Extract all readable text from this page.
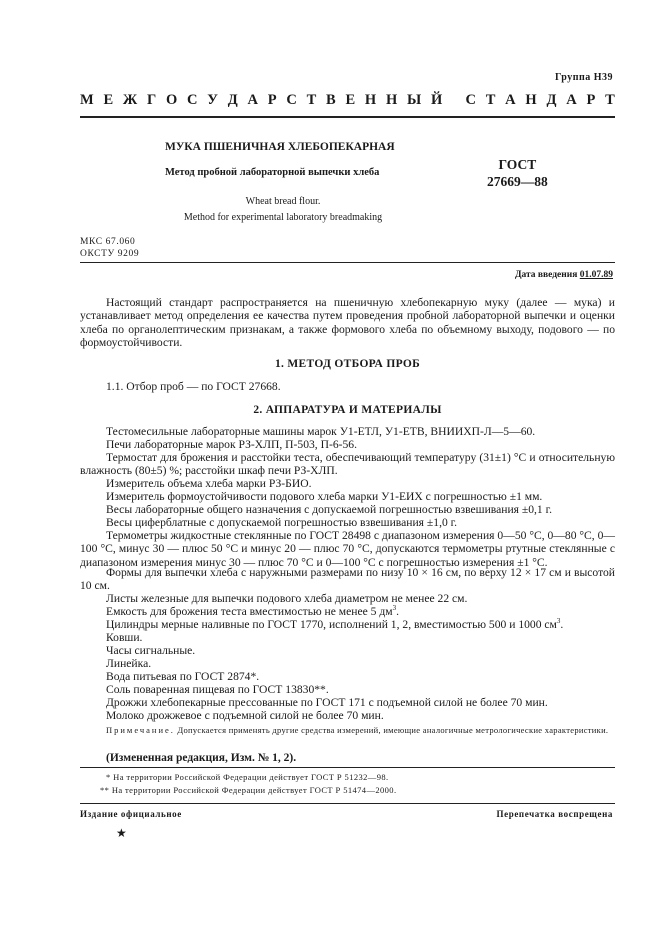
Группа Н39
М Е Ж Г О С У Д А Р С Т В Е Н Н Ы Й
С Т А Н Д А Р Т
МУКА ПШЕНИЧНАЯ ХЛЕБОПЕКАРНАЯ
Метод пробной лабораторной выпечки хлеба
ГОСТ
27669—88
Wheat bread flour.
Method for experimental laboratory breadmaking
МКС 67.060
ОКСТУ 9209
Дата введения 01.07.89
Настоящий стандарт распространяется на пшеничную хлебопекарную муку (далее — мука) и устанавливает метод определения ее качества путем проведения пробной лабораторной выпечки и оценки хлеба по органолептическим признакам, а также формового хлеба по объемному выходу, подового — по формоустойчивости.
1. МЕТОД ОТБОРА ПРОБ
1.1. Отбор проб — по ГОСТ 27668.
2. АППАРАТУРА И МАТЕРИАЛЫ
Тестомесильные лабораторные машины марок У1-ЕТЛ, У1-ЕТВ, ВНИИХП-Л—5—60.
Печи лабораторные марок РЗ-ХЛП, П-503, П-6-56.
Термостат для брожения и расстойки теста, обеспечивающий температуру (31±1) °С и относительную влажность (80±5) %; расстойки шкаф печи РЗ-ХЛП.
Измеритель объема хлеба марки РЗ-БИО.
Измеритель формоустойчивости подового хлеба марки У1-ЕИХ с погрешностью ±1 мм.
Весы лабораторные общего назначения с допускаемой погрешностью взвешивания ±0,1 г.
Весы циферблатные с допускаемой погрешностью взвешивания ±1,0 г.
Термометры жидкостные стеклянные по ГОСТ 28498 с диапазоном измерения 0—50 °С, 0—80 °С, 0—100 °С, минус 30 — плюс 50 °С и минус 20 — плюс 70 °С, допускаются термометры ртутные стеклянные с диапазоном измерения минус 30 — плюс 70 °С и 0—100 °С с погрешностью измерения ±1 °С.
Формы для выпечки хлеба с наружными размерами по низу 10 × 16 см, по верху 12 × 17 см и высотой 10 см.
Листы железные для выпечки подового хлеба диаметром не менее 22 см.
Емкость для брожения теста вместимостью не менее 5 $дм^3$.
Цилиндры мерные наливные по ГОСТ 1770, исполнений 1, 2, вместимостью 500 и 1000 $см^3$.
Ковши.
Часы сигнальные.
Линейка.
Вода питьевая по ГОСТ 2874*.
Соль поваренная пищевая по ГОСТ 13830**.
Дрожжи хлебопекарные прессованные по ГОСТ 171 с подъемной силой не более 70 мин.
Молоко дрожжевое с подъемной силой не более 70 мин.
Примечание. Допускается применять другие средства измерений, имеющие аналогичные метрологические характеристики.
(Измененная редакция, Изм. № 1, 2).
* На территории Российской Федерации действует ГОСТ Р 51232—98.
** На территории Российской Федерации действует ГОСТ Р 51474—2000.
Издание официальное	Перепечатка воспрещена
★
